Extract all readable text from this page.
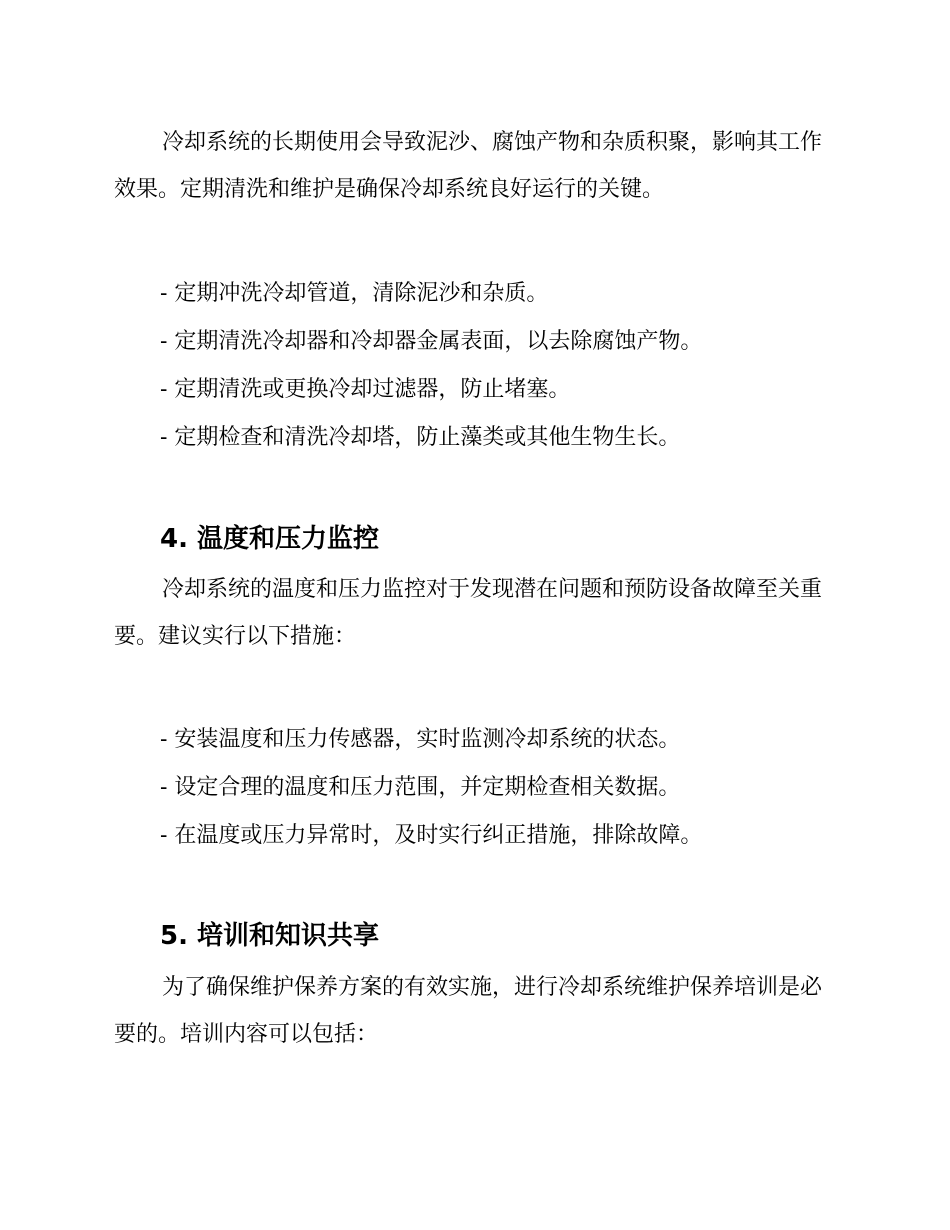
冷却系统的长期使用会导致泥沙、腐蚀产物和杂质积聚，影响其工作效果。定期清洗和维护是确保冷却系统良好运行的关键。

- 定期冲洗冷却管道，清除泥沙和杂质。
- 定期清洗冷却器和冷却器金属表面，以去除腐蚀产物。
- 定期清洗或更换冷却过滤器，防止堵塞。
- 定期检查和清洗冷却塔，防止藻类或其他生物生长。
4. 温度和压力监控

冷却系统的温度和压力监控对于发现潜在问题和预防设备故障至关重要。建议实行以下措施：

- 安装温度和压力传感器，实时监测冷却系统的状态。
- 设定合理的温度和压力范围，并定期检查相关数据。
- 在温度或压力异常时，及时实行纠正措施，排除故障。
5. 培训和知识共享

为了确保维护保养方案的有效实施，进行冷却系统维护保养培训是必要的。培训内容可以包括：
